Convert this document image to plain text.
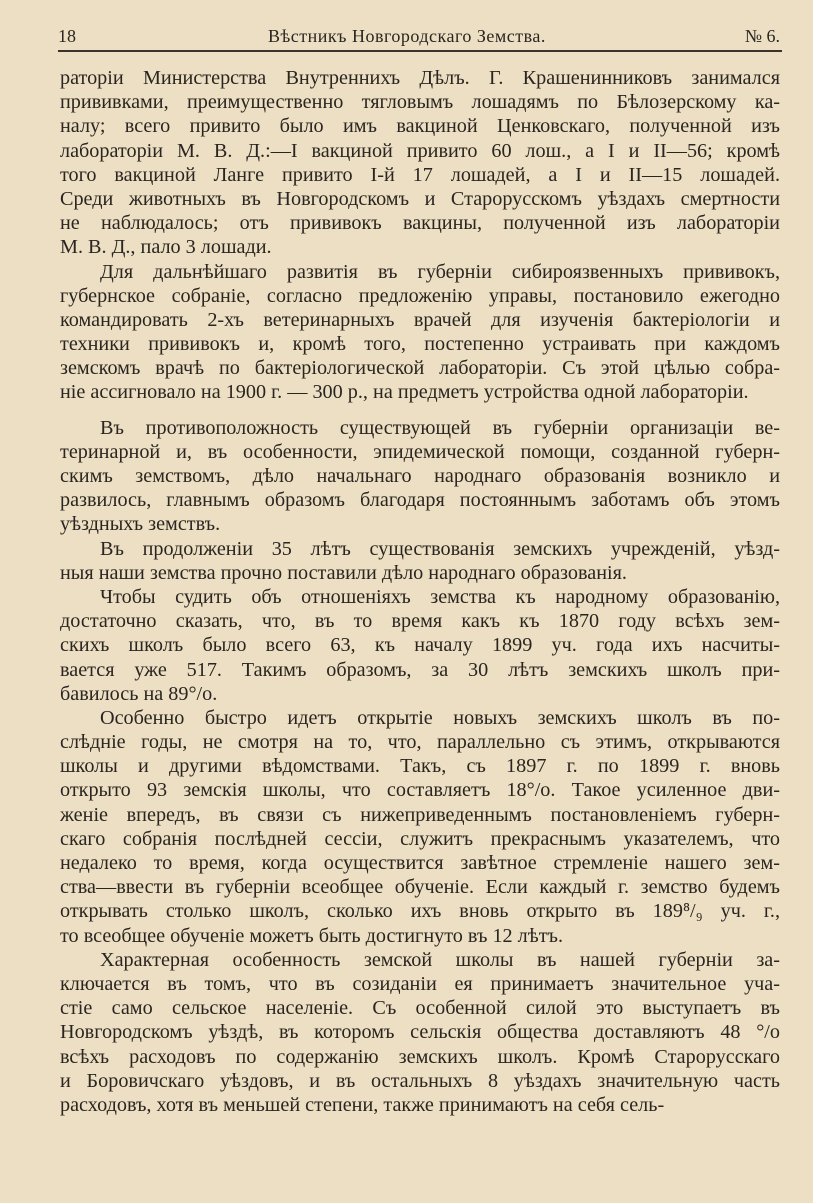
18	Вѣстникъ Новгородскаго Земства.	№ 6.
раторіи Министерства Внутреннихъ Дѣлъ. Г. Крашенинниковъ занимался
прививками, преимущественно тягловымъ лошадямъ по Бѣлозерскому ка-
налу; всего привито было имъ вакциной Ценковскаго, полученной изъ
лабораторіи М. В. Д.:—I вакциной привито 60 лош., а I и II—56; кромѣ
того вакциной Ланге привито I-й 17 лошадей, а I и II—15 лошадей.
Среди животныхъ въ Новгородскомъ и Старорусскомъ уѣздахъ смертности
не наблюдалось; отъ прививокъ вакцины, полученной изъ лабораторіи
М. В. Д., пало 3 лошади.
Для дальнѣйшаго развитія въ губерніи сибироязвенныхъ прививокъ,
губернское собраніе, согласно предложенію управы, постановило ежегодно
командировать 2-хъ ветеринарныхъ врачей для изученія бактеріологіи и
техники прививокъ и, кромѣ того, постепенно устраивать при каждомъ
земскомъ врачѣ по бактеріологической лабораторіи. Съ этой цѣлью собра-
ніе ассигновало на 1900 г. — 300 р., на предметъ устройства одной лабораторіи.
Въ противоположность существующей въ губерніи организаціи ве-
теринарной и, въ особенности, эпидемической помощи, созданной губерн-
скимъ земствомъ, дѣло начальнаго народнаго образованія возникло и
развилось, главнымъ образомъ благодаря постояннымъ заботамъ объ этомъ
уѣздныхъ земствъ.
Въ продолженіи 35 лѣтъ существованія земскихъ учрежденій, уѣзд-
ныя наши земства прочно поставили дѣло народнаго образованія.
Чтобы судить объ отношеніяхъ земства къ народному образованію,
достаточно сказать, что, въ то время какъ къ 1870 году всѣхъ зем-
скихъ школъ было всего 63, къ началу 1899 уч. года ихъ насчиты-
вается уже 517. Такимъ образомъ, за 30 лѣтъ земскихъ школъ при-
бавилось на 89°/о.
Особенно быстро идетъ открытіе новыхъ земскихъ школъ въ по-
слѣдніе годы, не смотря на то, что, параллельно съ этимъ, открываются
школы и другими вѣдомствами. Такъ, съ 1897 г. по 1899 г. вновь
открыто 93 земскія школы, что составляетъ 18°/о. Такое усиленное дви-
женіе впередъ, въ связи съ нижеприведеннымъ постановленіемъ губерн-
скаго собранія послѣдней сессіи, служитъ прекраснымъ указателемъ, что
недалеко то время, когда осуществится завѣтное стремленіе нашего зем-
ства—ввести въ губерніи всеобщее обученіе. Если каждый г. земство будемъ
открывать столько школъ, сколько ихъ вновь открыто въ 189⁸/₉ уч. г.,
то всеобщее обученіе можетъ быть достигнуто въ 12 лѣтъ.
Характерная особенность земской школы въ нашей губерніи за-
ключается въ томъ, что въ созиданіи ея принимаетъ значительное уча-
стіе само сельское населеніе. Съ особенной силой это выступаетъ въ
Новгородскомъ уѣздѣ, въ которомъ сельскія общества доставляютъ 48 °/о
всѣхъ расходовъ по содержанію земскихъ школъ. Кромѣ Старорусскаго
и Боровичскаго уѣздовъ, и въ остальныхъ 8 уѣздахъ значительную часть
расходовъ, хотя въ меньшей степени, также принимаютъ на себя сель-
